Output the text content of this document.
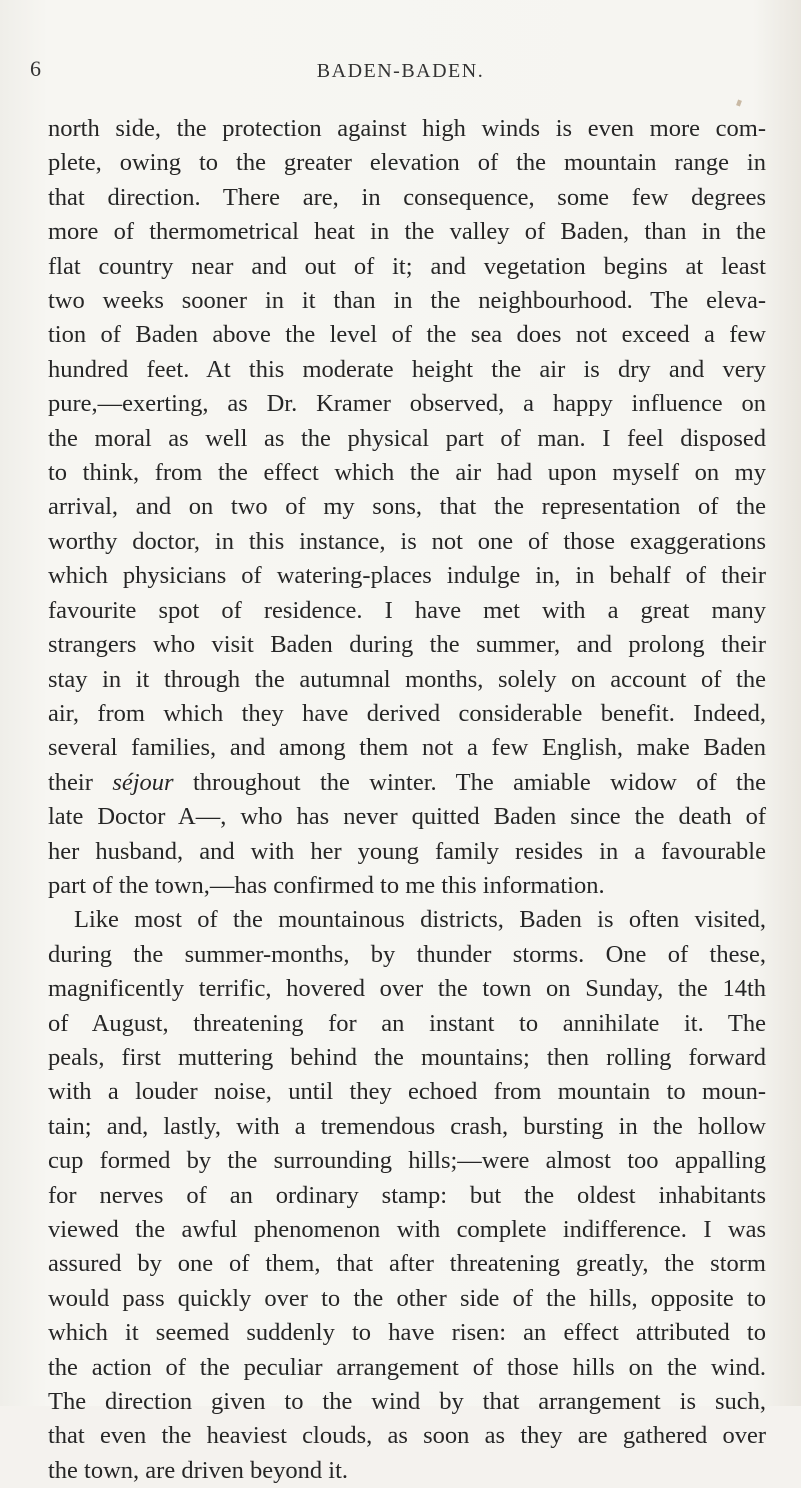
6	BADEN-BADEN.
north side, the protection against high winds is even more com-
plete, owing to the greater elevation of the mountain range in
that direction. There are, in consequence, some few degrees
more of thermometrical heat in the valley of Baden, than in the
flat country near and out of it; and vegetation begins at least
two weeks sooner in it than in the neighbourhood. The eleva-
tion of Baden above the level of the sea does not exceed a few
hundred feet. At this moderate height the air is dry and very
pure,—exerting, as Dr. Kramer observed, a happy influence on
the moral as well as the physical part of man. I feel disposed
to think, from the effect which the air had upon myself on my
arrival, and on two of my sons, that the representation of the
worthy doctor, in this instance, is not one of those exaggerations
which physicians of watering-places indulge in, in behalf of their
favourite spot of residence. I have met with a great many
strangers who visit Baden during the summer, and prolong their
stay in it through the autumnal months, solely on account of the
air, from which they have derived considerable benefit. Indeed,
several families, and among them not a few English, make Baden
their séjour throughout the winter. The amiable widow of the
late Doctor A—, who has never quitted Baden since the death of
her husband, and with her young family resides in a favourable
part of the town,—has confirmed to me this information.
Like most of the mountainous districts, Baden is often visited,
during the summer-months, by thunder storms. One of these,
magnificently terrific, hovered over the town on Sunday, the 14th
of August, threatening for an instant to annihilate it. The
peals, first muttering behind the mountains; then rolling forward
with a louder noise, until they echoed from mountain to moun-
tain; and, lastly, with a tremendous crash, bursting in the hollow
cup formed by the surrounding hills;—were almost too appalling
for nerves of an ordinary stamp: but the oldest inhabitants
viewed the awful phenomenon with complete indifference. I was
assured by one of them, that after threatening greatly, the storm
would pass quickly over to the other side of the hills, opposite to
which it seemed suddenly to have risen: an effect attributed to
the action of the peculiar arrangement of those hills on the wind.
The direction given to the wind by that arrangement is such,
that even the heaviest clouds, as soon as they are gathered over
the town, are driven beyond it.
